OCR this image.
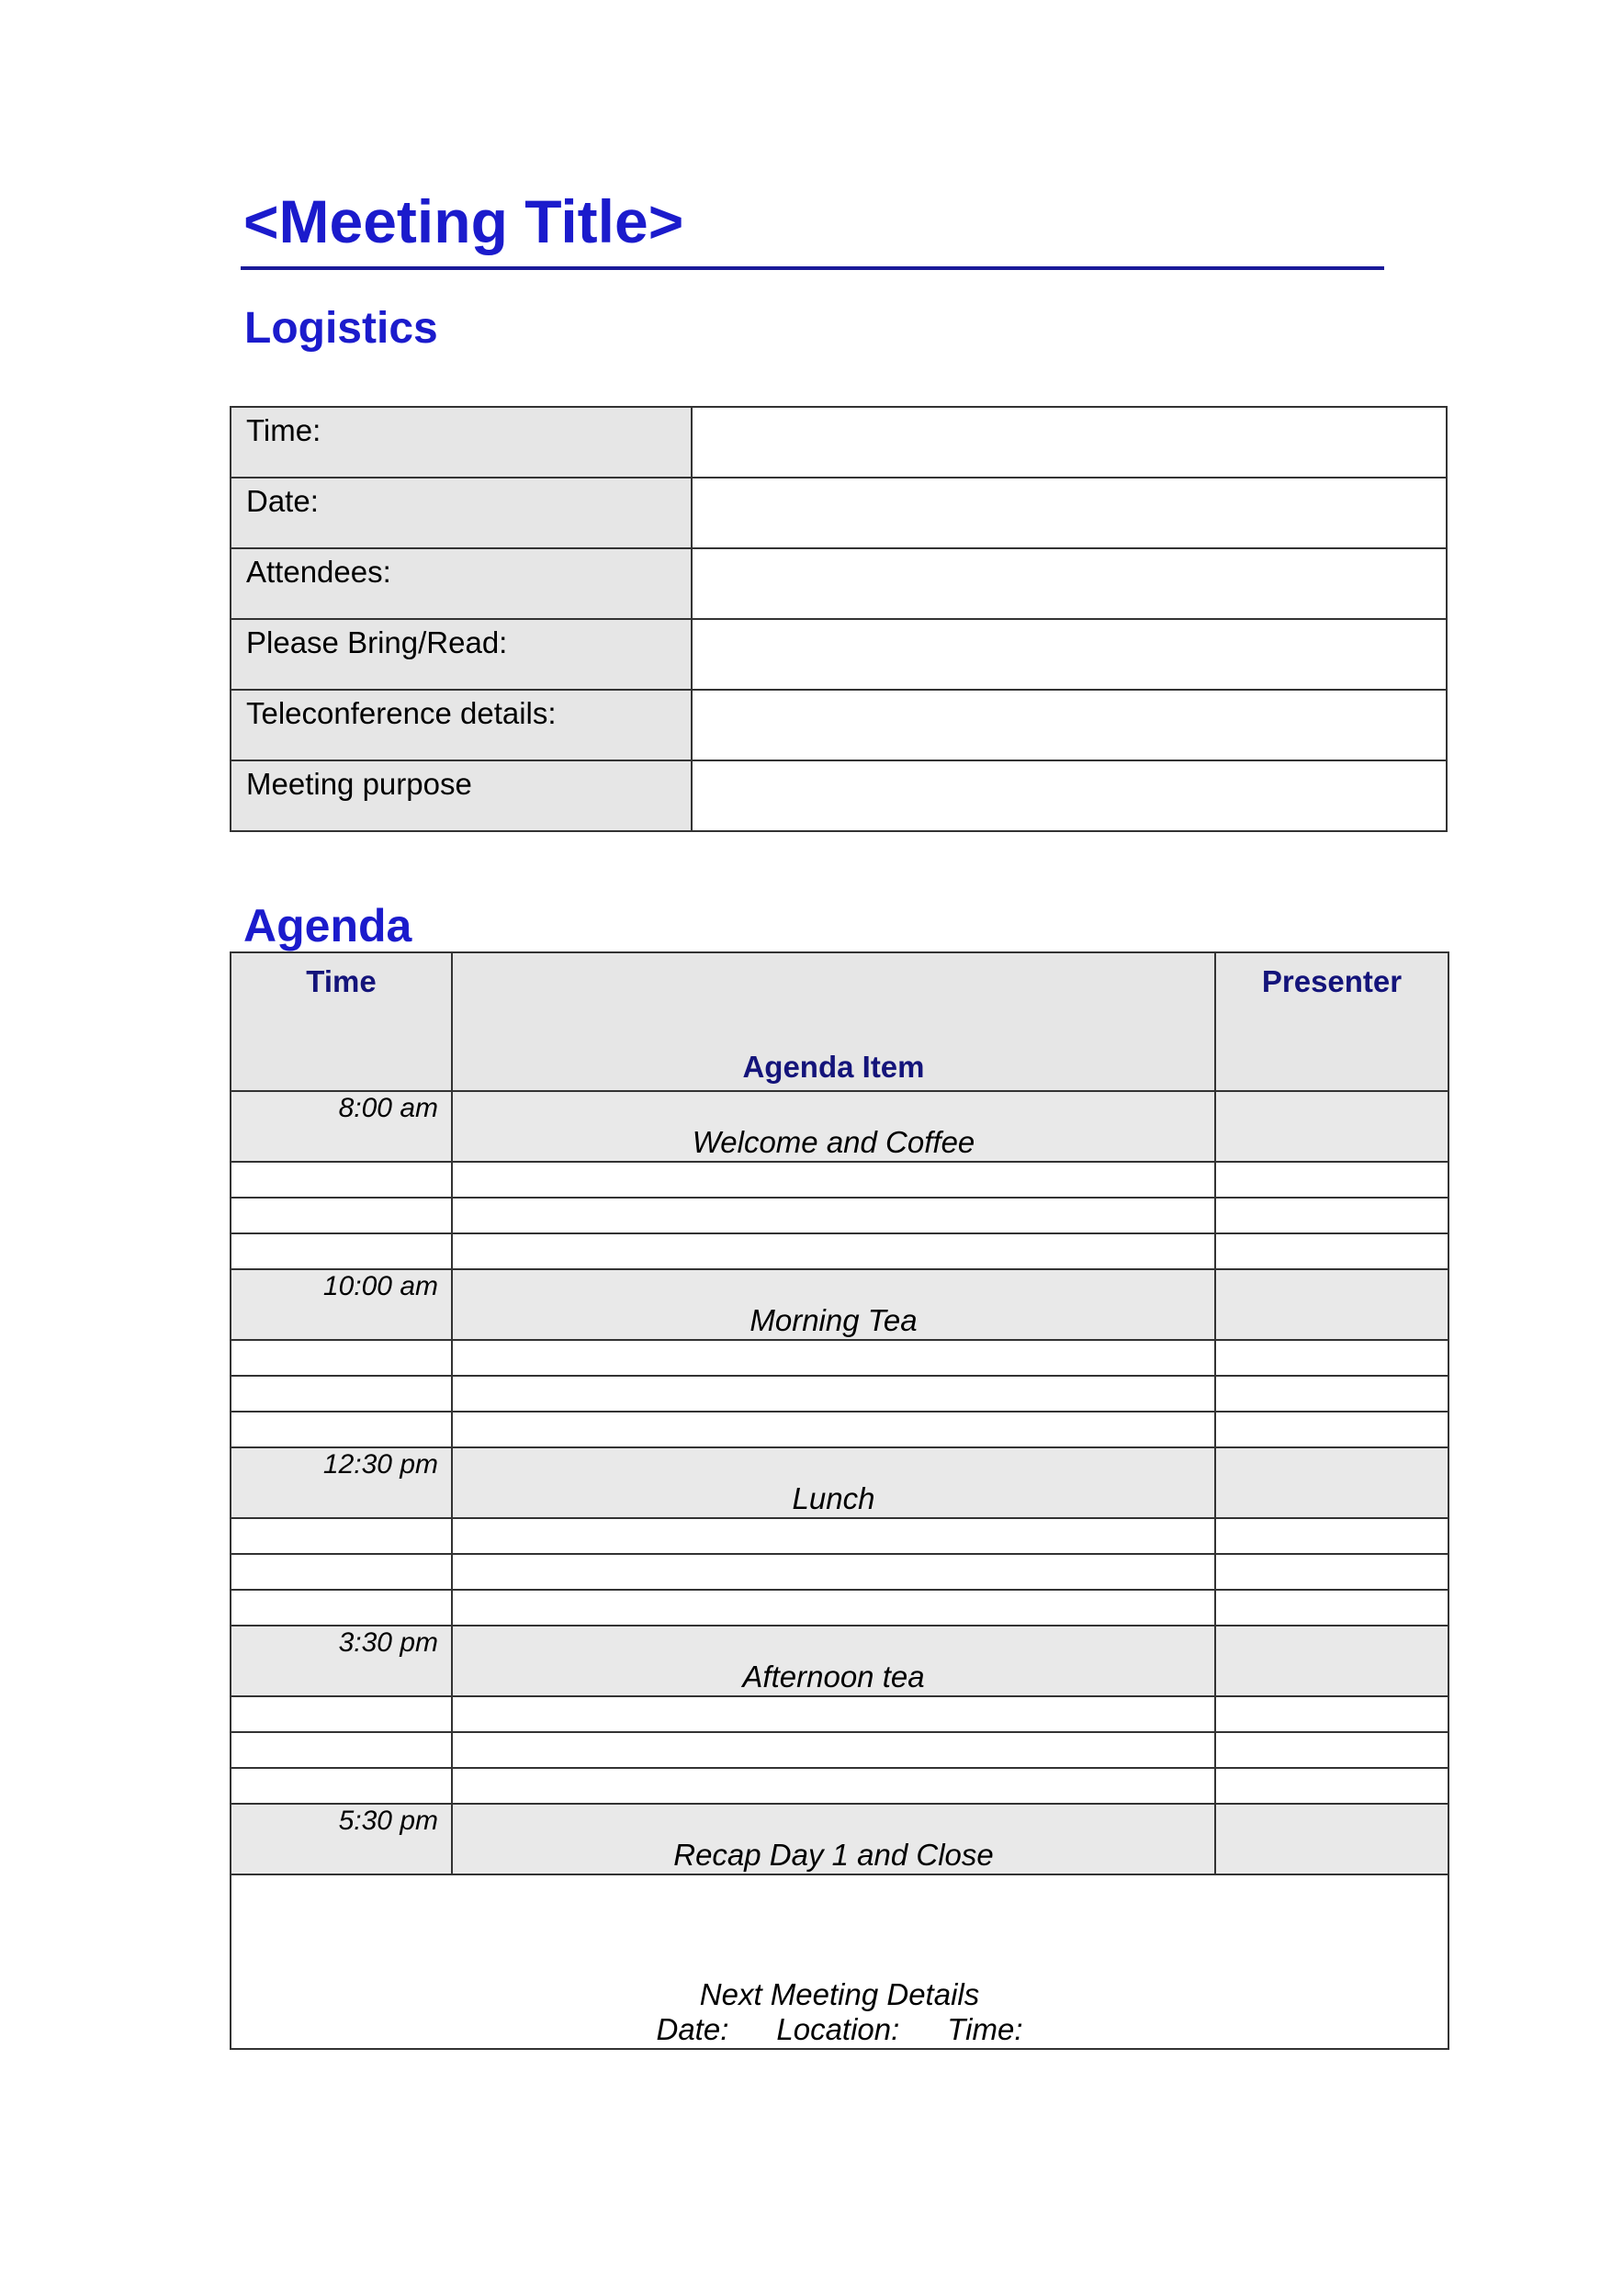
<Meeting Title>
Logistics
Time:	
Date:	
Attendees:	
Please Bring/Read:	
Teleconference details:	
Meeting purpose	
Agenda
Time	Agenda Item	Presenter
8:00 am	Welcome and Coffee	

10:00 am	Morning Tea	

12:30 pm	Lunch	

3:30 pm	Afternoon tea	

5:30 pm	Recap Day 1 and Close	

Next Meeting Details
Date: Location: Time:		
